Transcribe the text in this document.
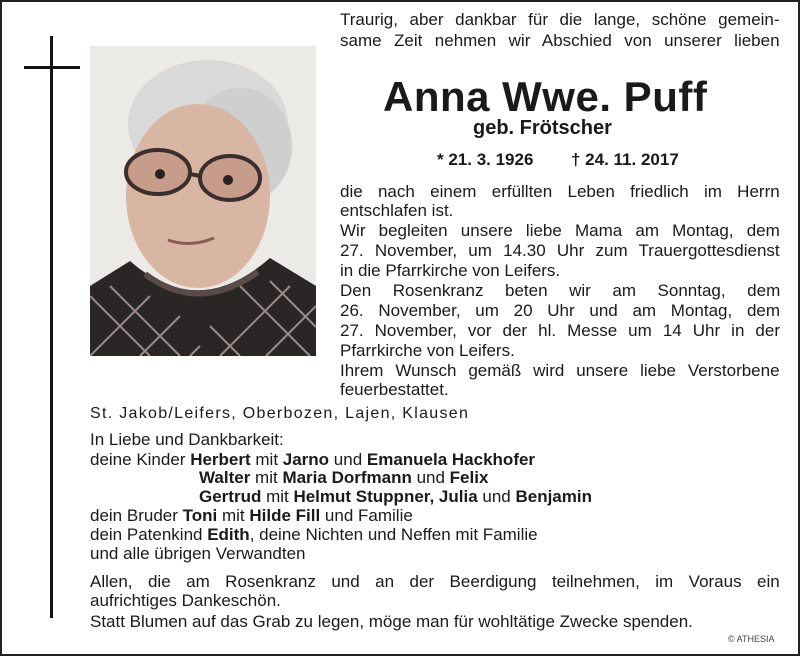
Traurig, aber dankbar für die lange, schöne gemein-
same Zeit nehmen wir Abschied von unserer lieben
Anna Wwe. Puff
geb. Frötscher
* 21. 3. 1926 † 24. 11. 2017
die nach einem erfüllten Leben friedlich im Herrn
entschlafen ist.
Wir begleiten unsere liebe Mama am Montag, dem
27. November, um 14.30 Uhr zum Trauergottesdienst
in die Pfarrkirche von Leifers.
Den Rosenkranz beten wir am Sonntag, dem
26. November, um 20 Uhr und am Montag, dem
27. November, vor der hl. Messe um 14 Uhr in der
Pfarrkirche von Leifers.
Ihrem Wunsch gemäß wird unsere liebe Verstorbene
feuerbestattet.
St. Jakob/Leifers, Oberbozen, Lajen, Klausen
In Liebe und Dankbarkeit:
deine Kinder Herbert mit Jarno und Emanuela Hackhofer
Walter mit Maria Dorfmann und Felix
Gertrud mit Helmut Stuppner, Julia und Benjamin
dein Bruder Toni mit Hilde Fill und Familie
dein Patenkind Edith, deine Nichten und Neffen mit Familie
und alle übrigen Verwandten
Allen, die am Rosenkranz und an der Beerdigung teilnehmen, im Voraus ein
aufrichtiges Dankeschön.
Statt Blumen auf das Grab zu legen, möge man für wohltätige Zwecke spenden.
© ATHESIA
